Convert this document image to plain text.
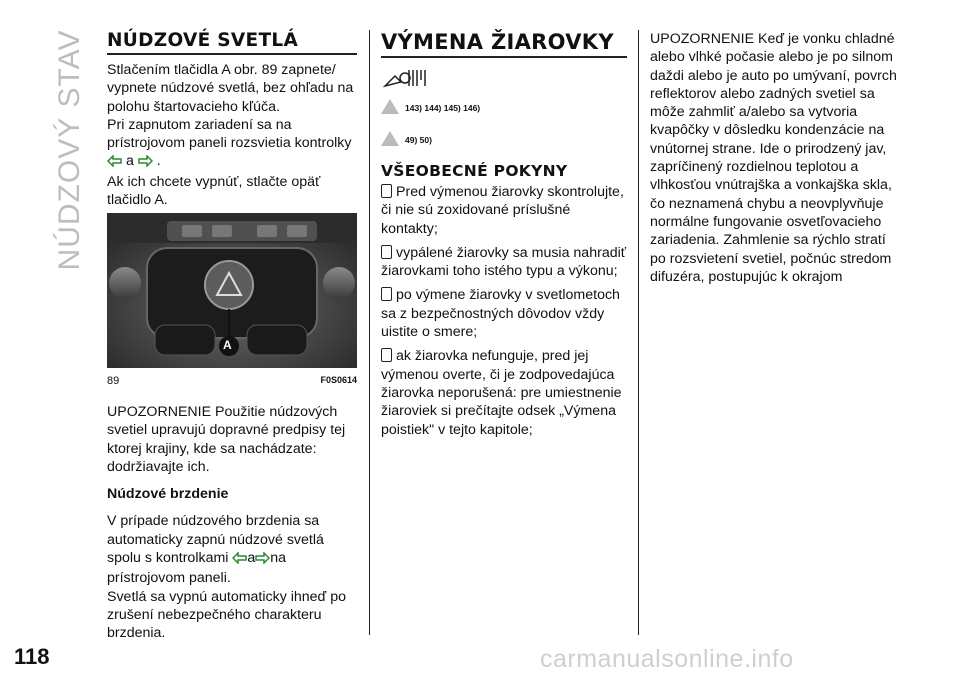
NÚDZOVÝ STAV NÚDZOVÉ SVETLÁ

Stlačením tlačidla A obr. 89 zapnete/ vypnete núdzové svetlá, bez ohľadu na polohu štartovacieho kľúča.

Pri zapnutom zariadení sa na prístrojovom paneli rozsvietia kontrolky
a .

Ak ich chcete vypnúť, stlačte opäť tlačidlo A.

A
89	F0S0614

UPOZORNENIE Použitie núdzových svetiel upravujú dopravné predpisy tej ktorej krajiny, kde sa nachádzate: dodržiavajte ich.

Núdzové brzdenie

V prípade núdzového brzdenia sa automaticky zapnú núdzové svetlá spolu s kontrolkami a na
prístrojovom paneli.

Svetlá sa vypnú automaticky ihneď po zrušení nebezpečného charakteru brzdenia.

VÝMENA ŽIAROVKY
143) 144) 145) 146)
49) 50)
VŠEOBECNÉ POKYNY

Pred výmenou žiarovky skontrolujte, či nie sú zoxidované príslušné kontakty;

vypálené žiarovky sa musia nahradiť žiarovkami toho istého typu a výkonu;

po výmene žiarovky v svetlometoch sa z bezpečnostných dôvodov vždy uistite o smere;

ak žiarovka nefunguje, pred jej výmenou overte, či je zodpovedajúca žiarovka neporušená: pre umiestnenie žiaroviek si prečítajte odsek „Výmena poistiek" v tejto kapitole;

UPOZORNENIE Keď je vonku chladné alebo vlhké počasie alebo je po silnom daždi alebo je auto po umývaní, povrch reflektorov alebo zadných svetiel sa môže zahmliť a/alebo sa vytvoria kvapôčky v dôsledku kondenzácie na vnútornej strane. Ide o prirodzený jav, zapríčinený rozdielnou teplotou a vlhkosťou vnútrajška a vonkajška skla, čo neznamená chybu a neovplyvňuje normálne fungovanie osvetľovacieho zariadenia. Zahmlenie sa rýchlo stratí po rozsvietení svetiel, počnúc stredom difuzéra, postupujúc k okrajom

118	carmanualsonline.info
